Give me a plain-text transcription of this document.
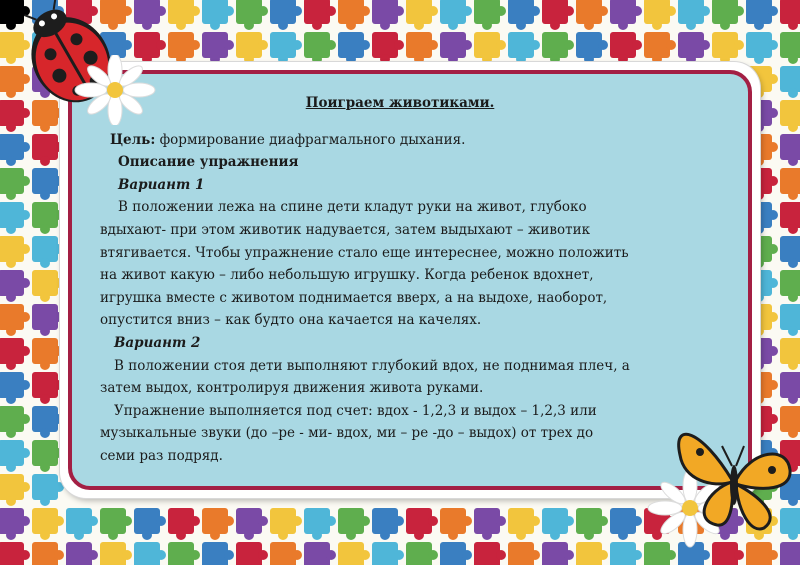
Поиграем животиками.

Цель: формирование диафрагмального дыхания.

Описание упражнения

Вариант 1

В положении лежа на спине дети кладут руки на живот, глубоко
вдыхают- при этом животик надувается, затем выдыхают – животик
втягивается. Чтобы упражнение стало еще интереснее, можно положить
на живот какую – либо небольшую игрушку. Когда ребенок вдохнет,
игрушка вместе с животом поднимается вверх, а на выдохе, наоборот,
опустится вниз – как будто она качается на качелях.

Вариант 2

В положении стоя дети выполняют глубокий вдох, не поднимая плеч, а
затем выдох, контролируя движения живота руками.
Упражнение выполняется под счет: вдох - 1,2,3 и выдох – 1,2,3 или
музыкальные звуки (до –ре - ми- вдох, ми – ре -до – выдох) от трех до
семи раз подряд.
